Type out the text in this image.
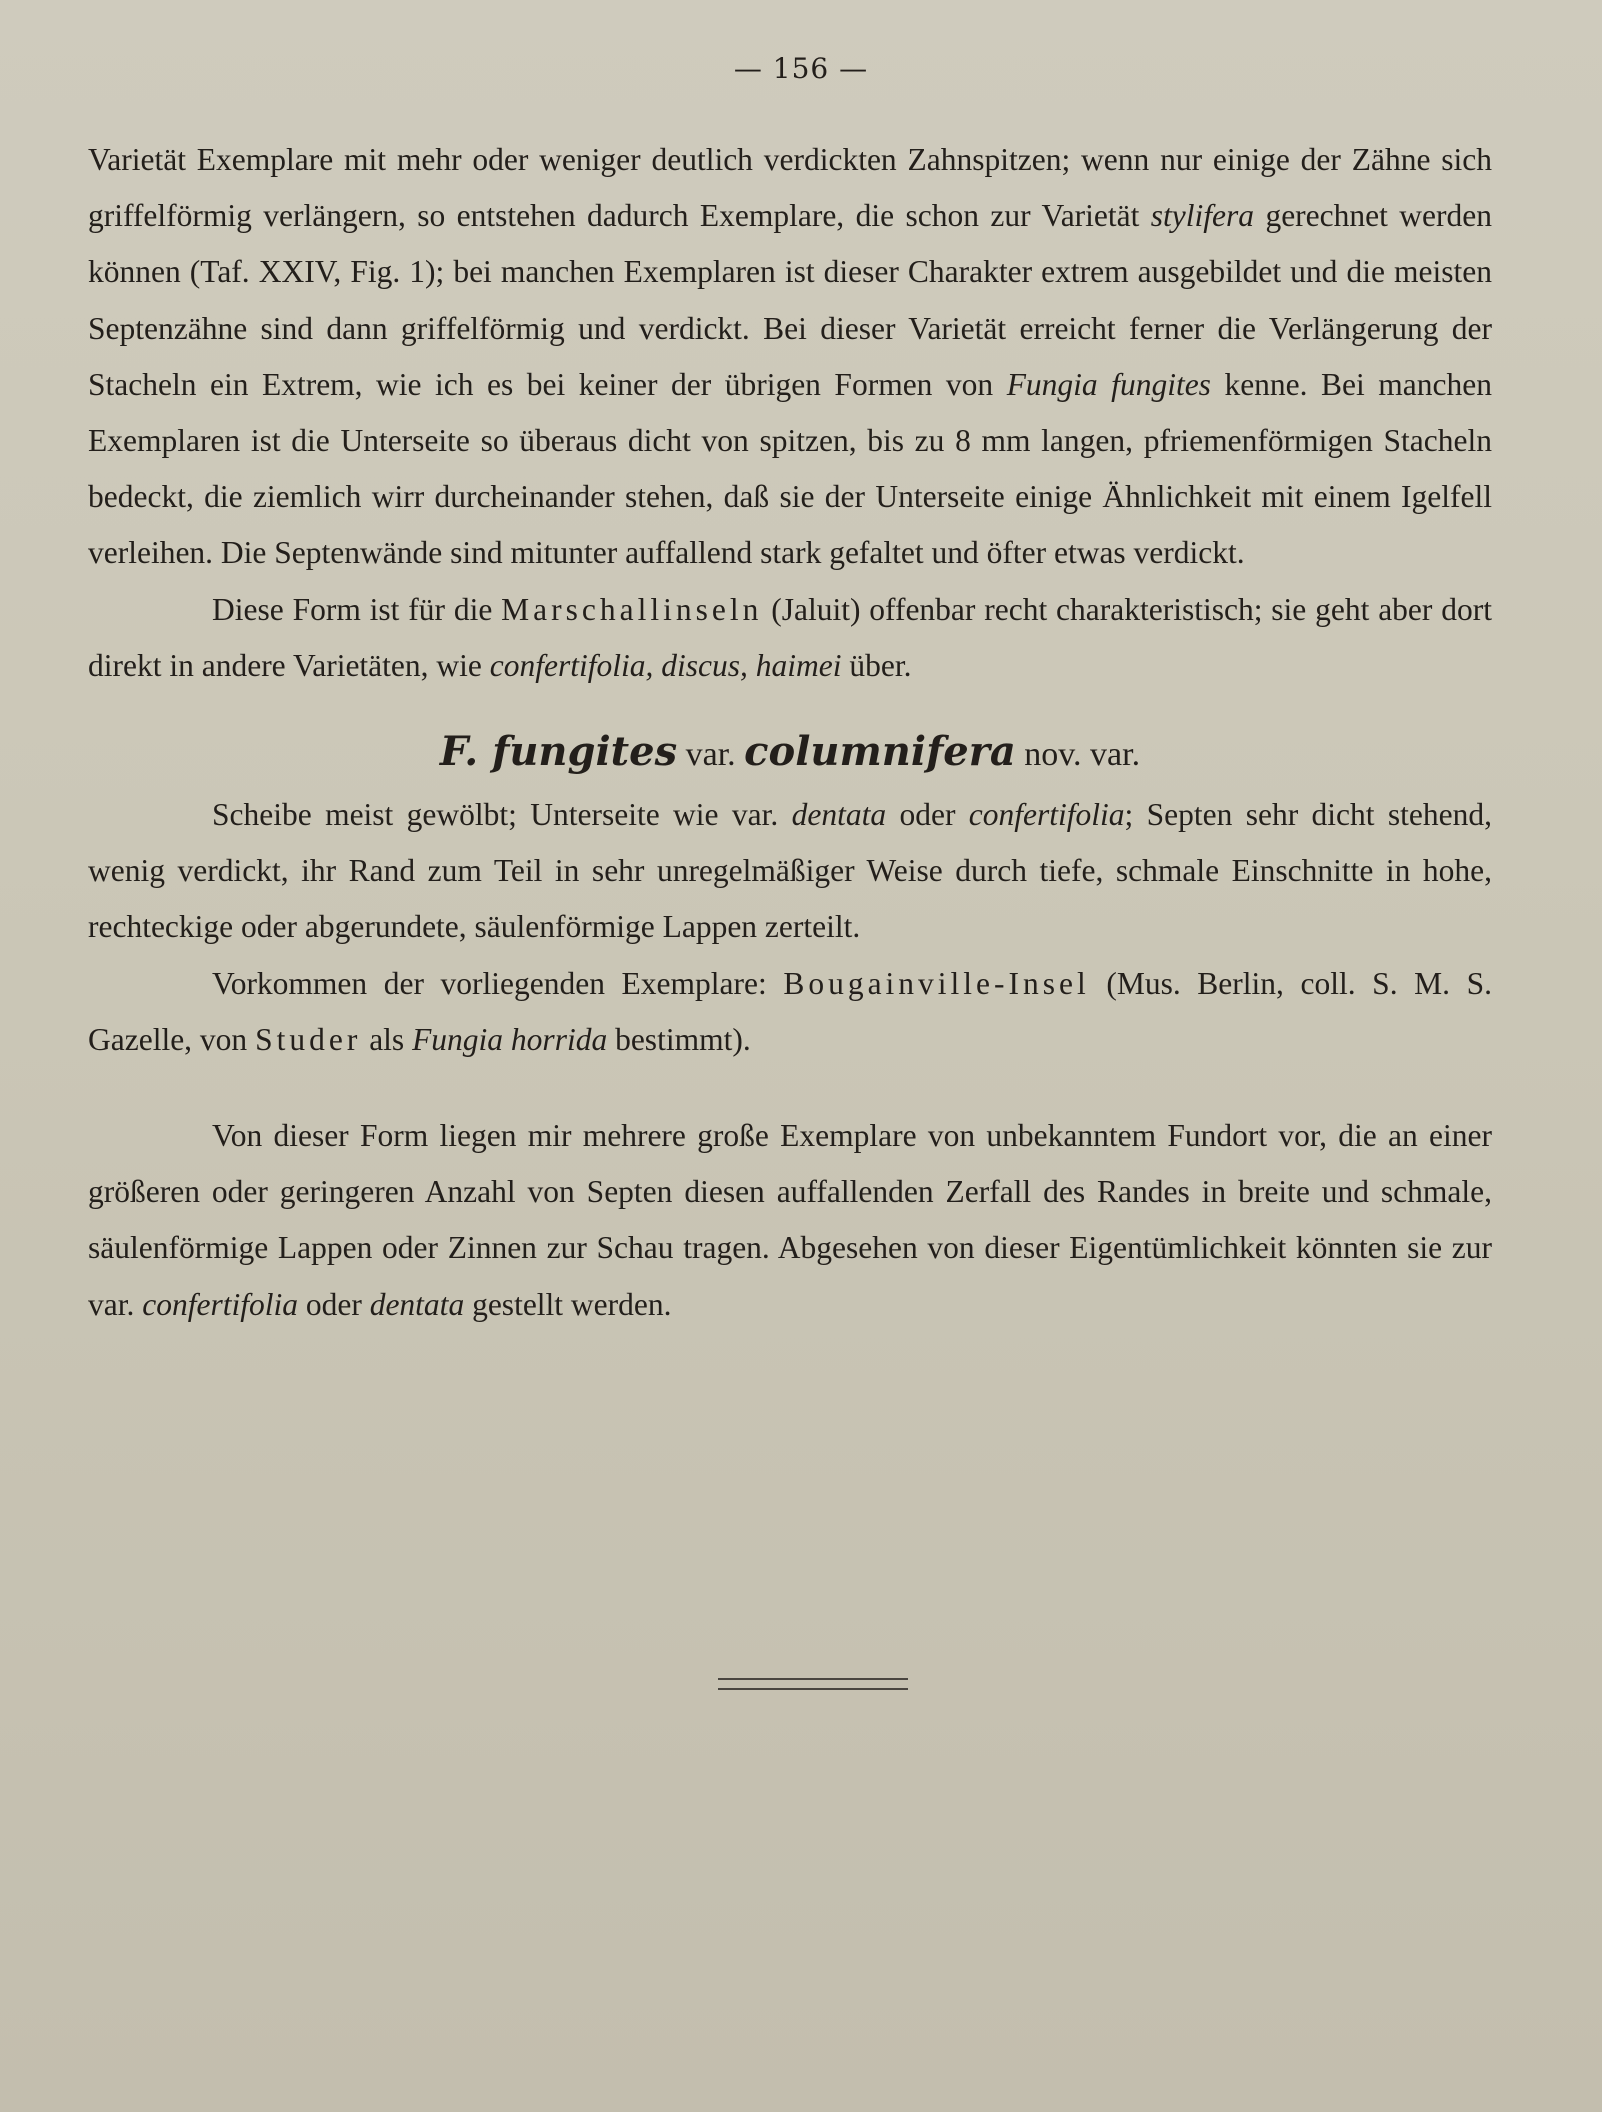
— 156 —

Varietät Exemplare mit mehr oder weniger deutlich verdickten Zahnspitzen; wenn nur einige der Zähne sich griffelförmig verlängern, so entstehen dadurch Exemplare, die schon zur Varietät stylifera gerechnet werden können (Taf. XXIV, Fig. 1); bei manchen Exemplaren ist dieser Charakter extrem ausgebildet und die meisten Septenzähne sind dann griffelförmig und verdickt. Bei dieser Varietät erreicht ferner die Verlängerung der Stacheln ein Extrem, wie ich es bei keiner der übrigen Formen von Fungia fungites kenne. Bei manchen Exemplaren ist die Unterseite so überaus dicht von spitzen, bis zu 8 mm langen, pfriemenförmigen Stacheln bedeckt, die ziemlich wirr durcheinander stehen, daß sie der Unterseite einige Ähnlichkeit mit einem Igelfell verleihen. Die Septenwände sind mitunter auffallend stark gefaltet und öfter etwas verdickt.

Diese Form ist für die Marschallinseln (Jaluit) offenbar recht charakteristisch; sie geht aber dort direkt in andere Varietäten, wie confertifolia, discus, haimei über.

F. fungites var. columnifera nov. var.

Scheibe meist gewölbt; Unterseite wie var. dentata oder confertifolia; Septen sehr dicht stehend, wenig verdickt, ihr Rand zum Teil in sehr unregelmäßiger Weise durch tiefe, schmale Einschnitte in hohe, rechteckige oder abgerundete, säulenförmige Lappen zerteilt.

Vorkommen der vorliegenden Exemplare: Bougainville-Insel (Mus. Berlin, coll. S. M. S. Gazelle, von Studer als Fungia horrida bestimmt).

Von dieser Form liegen mir mehrere große Exemplare von unbekanntem Fundort vor, die an einer größeren oder geringeren Anzahl von Septen diesen auffallenden Zerfall des Randes in breite und schmale, säulenförmige Lappen oder Zinnen zur Schau tragen. Abgesehen von dieser Eigentümlichkeit könnten sie zur var. confertifolia oder dentata gestellt werden.
